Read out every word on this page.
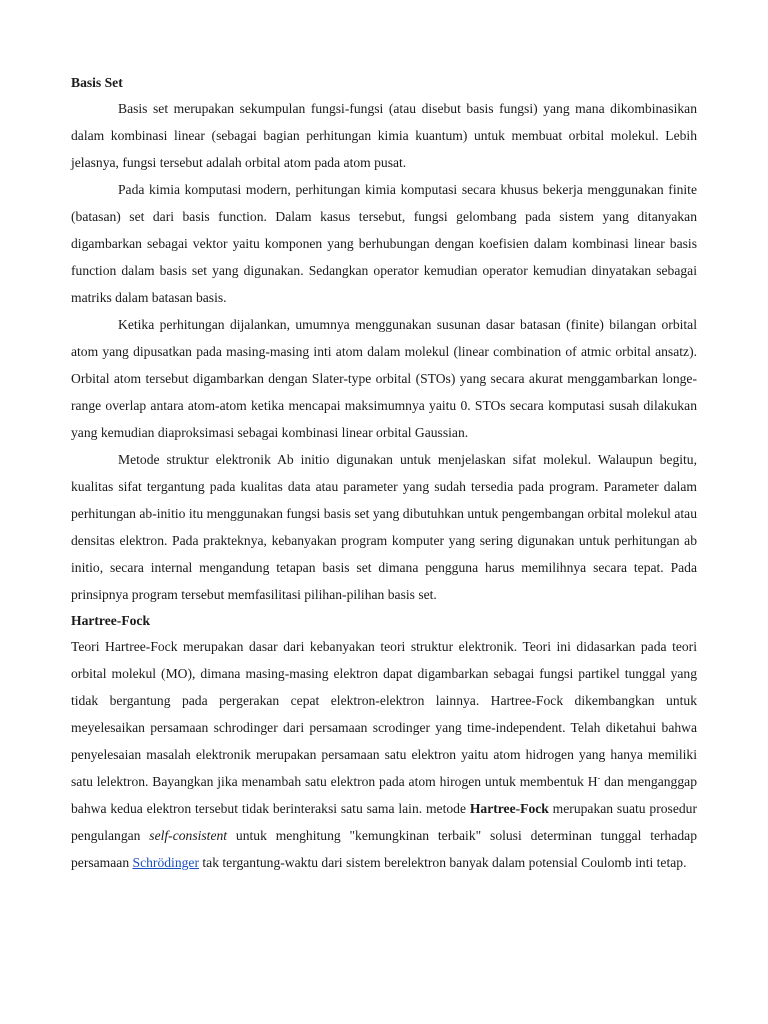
Basis Set

Basis set merupakan sekumpulan fungsi-fungsi (atau disebut basis fungsi) yang mana dikombinasikan dalam kombinasi linear (sebagai bagian perhitungan kimia kuantum) untuk membuat orbital molekul. Lebih jelasnya, fungsi tersebut adalah orbital atom pada atom pusat.

Pada kimia komputasi modern, perhitungan kimia komputasi secara khusus bekerja menggunakan finite (batasan) set dari basis function. Dalam kasus tersebut, fungsi gelombang pada sistem yang ditanyakan digambarkan sebagai vektor yaitu komponen yang berhubungan dengan koefisien dalam kombinasi linear basis function dalam basis set yang digunakan. Sedangkan operator kemudian operator kemudian dinyatakan sebagai matriks dalam batasan basis.

Ketika perhitungan dijalankan, umumnya menggunakan susunan dasar batasan (finite) bilangan orbital atom yang dipusatkan pada masing-masing inti atom dalam molekul (linear combination of atmic orbital ansatz). Orbital atom tersebut digambarkan dengan Slater-type orbital (STOs) yang secara akurat menggambarkan longe-range overlap antara atom-atom ketika mencapai maksimumnya yaitu 0. STOs secara komputasi susah dilakukan yang kemudian diaproksimasi sebagai kombinasi linear orbital Gaussian.

Metode struktur elektronik Ab initio digunakan untuk menjelaskan sifat molekul. Walaupun begitu, kualitas sifat tergantung pada kualitas data atau parameter yang sudah tersedia pada program. Parameter dalam perhitungan ab-initio itu menggunakan fungsi basis set yang dibutuhkan untuk pengembangan orbital molekul atau densitas elektron. Pada prakteknya, kebanyakan program komputer yang sering digunakan untuk perhitungan ab initio, secara internal mengandung tetapan basis set dimana pengguna harus memilihnya secara tepat. Pada prinsipnya program tersebut memfasilitasi pilihan-pilihan basis set.

Hartree-Fock

Teori Hartree-Fock merupakan dasar dari kebanyakan teori struktur elektronik. Teori ini didasarkan pada teori orbital molekul (MO), dimana masing-masing elektron dapat digambarkan sebagai fungsi partikel tunggal yang tidak bergantung pada pergerakan cepat elektron-elektron lainnya. Hartree-Fock dikembangkan untuk meyelesaikan persamaan schrodinger dari persamaan scrodinger yang time-independent. Telah diketahui bahwa penyelesaian masalah elektronik merupakan persamaan satu elektron yaitu atom hidrogen yang hanya memiliki satu lelektron. Bayangkan jika menambah satu elektron pada atom hirogen untuk membentuk H- dan menganggap bahwa kedua elektron tersebut tidak berinteraksi satu sama lain. metode Hartree-Fock merupakan suatu prosedur pengulangan self-consistent untuk menghitung "kemungkinan terbaik" solusi determinan tunggal terhadap persamaan Schrödinger tak tergantung-waktu dari sistem berelektron banyak dalam potensial Coulomb inti tetap.
